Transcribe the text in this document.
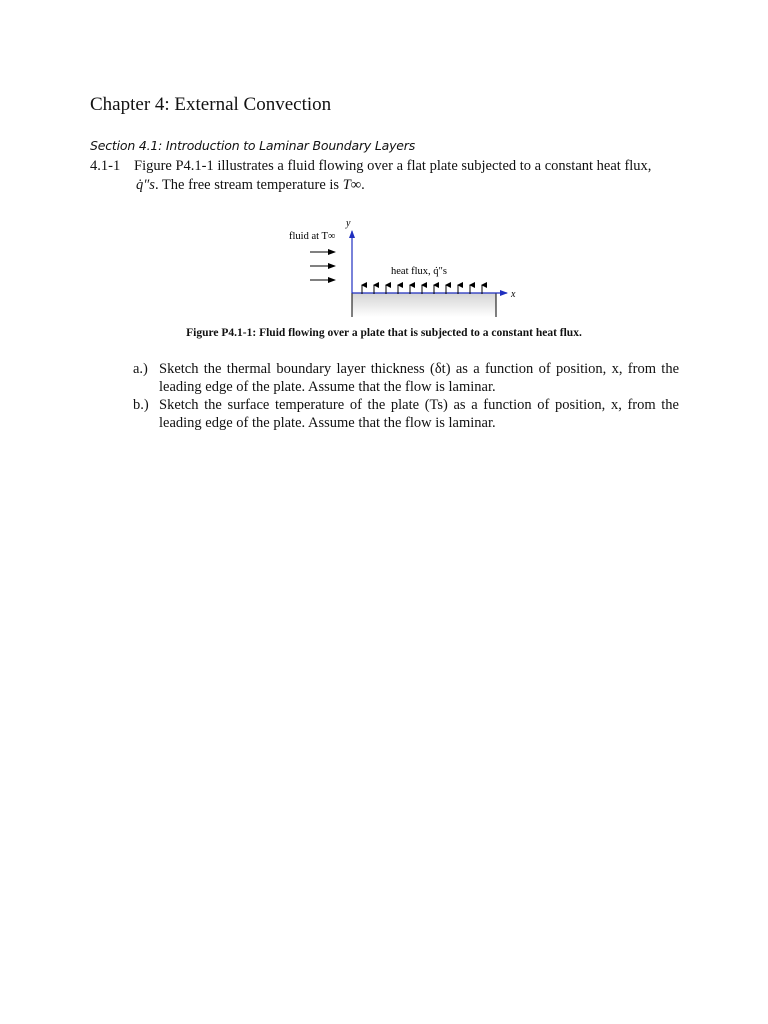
Chapter 4: External Convection
Section 4.1: Introduction to Laminar Boundary Layers
4.1-1 Figure P4.1-1 illustrates a fluid flowing over a flat plate subjected to a constant heat flux,
q̇″s. The free stream temperature is T∞.
y
x
fluid at T∞
heat flux, q̇″s
Figure P4.1-1: Fluid flowing over a plate that is subjected to a constant heat flux.
a.) Sketch the thermal boundary layer thickness (δt) as a function of position, x, from the leading edge of the plate. Assume that the flow is laminar.
b.) Sketch the surface temperature of the plate (Ts) as a function of position, x, from the leading edge of the plate. Assume that the flow is laminar.
